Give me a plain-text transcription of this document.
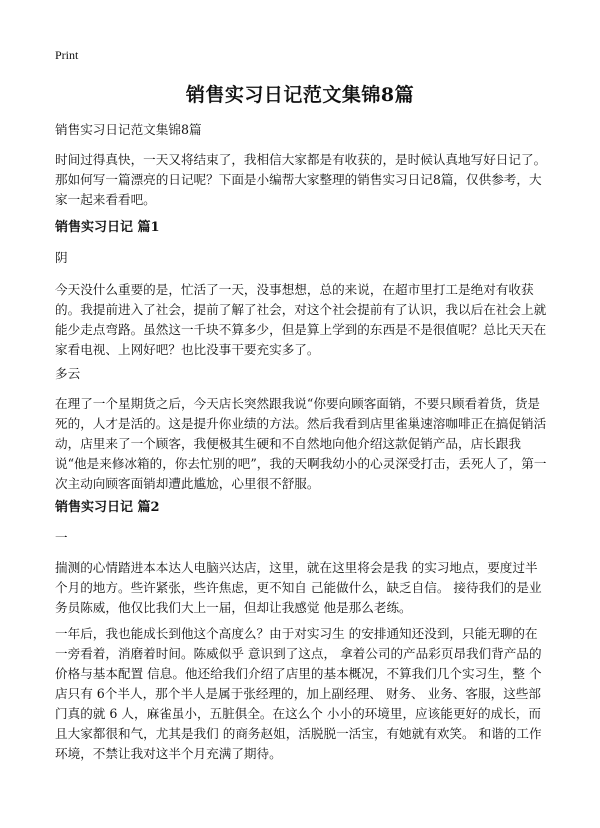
Print
销售实习日记范文集锦8篇
销售实习日记范文集锦8篇
时间过得真快，一天又将结束了，我相信大家都是有收获的，是时候认真地写好日记了。那如何写一篇漂亮的日记呢？下面是小编帮大家整理的销售实习日记8篇，仅供参考，大家一起来看看吧。
销售实习日记 篇1
阴
今天没什么重要的是，忙活了一天，没事想想，总的来说，在超市里打工是绝对有收获的。我提前进入了社会，提前了解了社会，对这个社会提前有了认识，我以后在社会上就能少走点弯路。虽然这一千块不算多少，但是算上学到的东西是不是很值呢？总比天天在家看电视、上网好吧？也比没事干要充实多了。
多云
在理了一个星期货之后，今天店长突然跟我说“你要向顾客面销，不要只顾看着货，货是死的，人才是活的。这是提升你业绩的方法。然后我看到店里雀巢速溶咖啡正在搞促销活动，店里来了一个顾客，我便极其生硬和不自然地向他介绍这款促销产品，店长跟我说“他是来修冰箱的，你去忙别的吧”，我的天啊我幼小的心灵深受打击，丢死人了，第一次主动向顾客面销却遭此尴尬，心里很不舒服。
销售实习日记 篇2
一
揣测的心情踏进本本达人电脑兴达店，这里，就在这里将会是我 的实习地点，要度过半个月的地方。些许紧张，些许焦虑，更不知自 己能做什么，缺乏自信。 接待我们的是业务员陈威，他仅比我们大上一届，但却让我感觉 他是那么老练。
一年后，我也能成长到他这个高度么？由于对实习生 的安排通知还没到，只能无聊的在一旁看着，消磨着时间。陈威似乎 意识到了这点， 拿着公司的产品彩页昂我们背产品的价格与基本配置 信息。他还给我们介绍了店里的基本概况，不算我们几个实习生，整 个店只有 6个半人，那个半人是属于张经理的，加上副经理、 财务、 业务、客服，这些部门真的就 6 人，麻雀虽小，五脏俱全。在这么个 小小的环境里，应该能更好的成长，而且大家都很和气，尤其是我们 的商务赵姐，活脱脱一活宝，有她就有欢笑。 和谐的工作环境，不禁让我对这半个月充满了期待。
